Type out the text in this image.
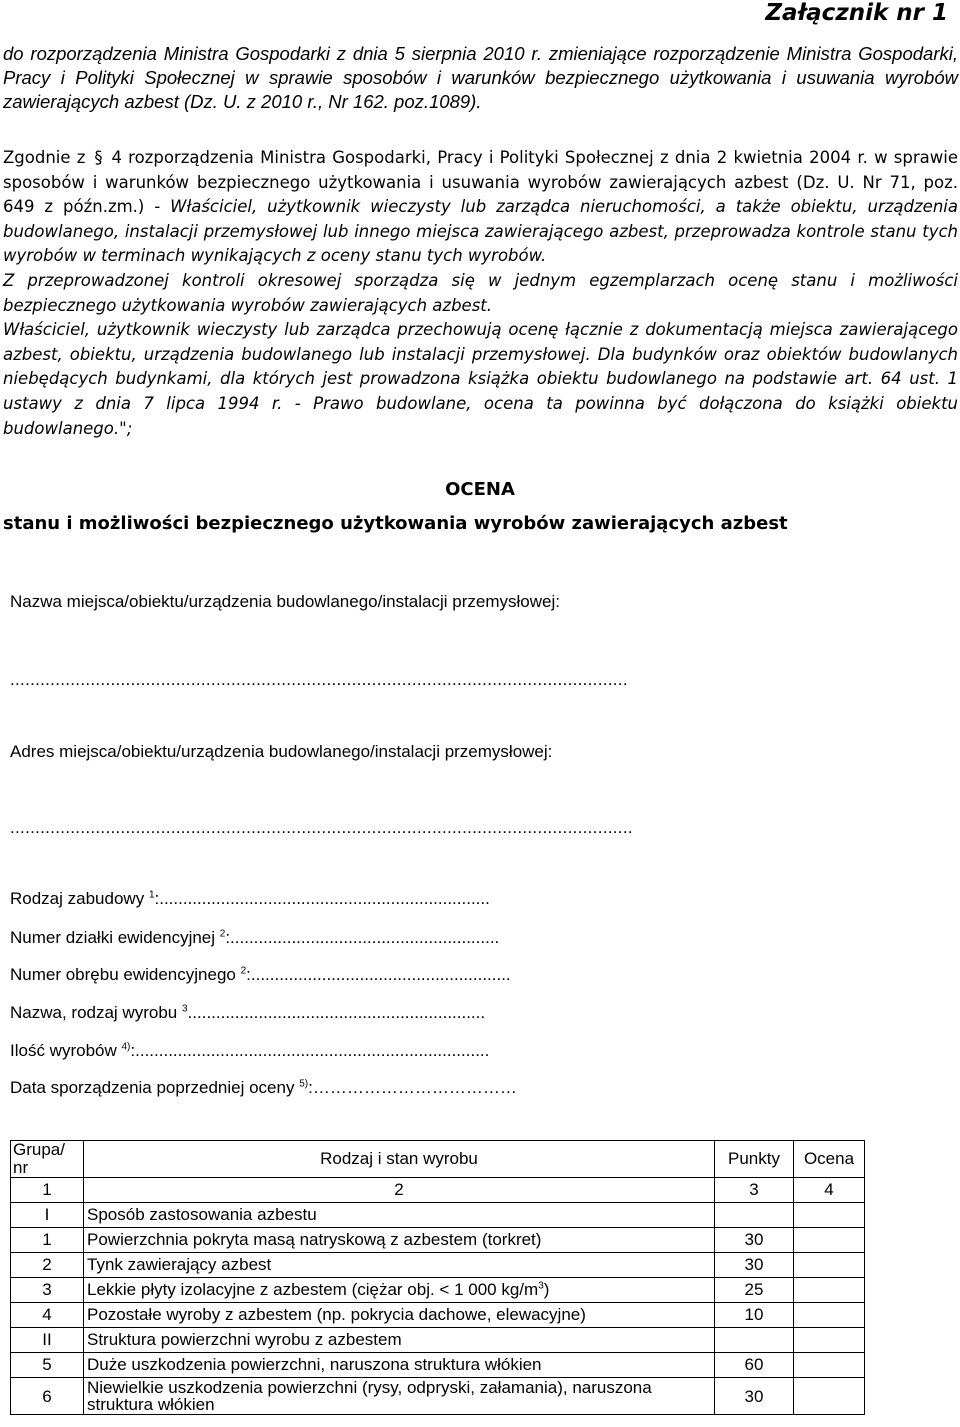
Załącznik nr 1

do rozporządzenia Ministra Gospodarki z dnia 5 sierpnia 2010 r. zmieniające rozporządzenie Ministra Gospodarki, Pracy i Polityki Społecznej w sprawie sposobów i warunków bezpiecznego użytkowania i usuwania wyrobów zawierających azbest (Dz. U. z 2010 r., Nr 162. poz.1089).

Zgodnie z § 4 rozporządzenia Ministra Gospodarki, Pracy i Polityki Społecznej z dnia 2 kwietnia 2004 r. w sprawie sposobów i warunków bezpiecznego użytkowania i usuwania wyrobów zawierających azbest (Dz. U. Nr 71, poz. 649 z późn.zm.) - Właściciel, użytkownik wieczysty lub zarządca nieruchomości, a także obiektu, urządzenia budowlanego, instalacji przemysłowej lub innego miejsca zawierającego azbest, przeprowadza kontrole stanu tych wyrobów w terminach wynikających z oceny stanu tych wyrobów.
Z przeprowadzonej kontroli okresowej sporządza się w jednym egzemplarzach ocenę stanu i możliwości bezpiecznego użytkowania wyrobów zawierających azbest.
Właściciel, użytkownik wieczysty lub zarządca przechowują ocenę łącznie z dokumentacją miejsca zawierającego azbest, obiektu, urządzenia budowlanego lub instalacji przemysłowej. Dla budynków oraz obiektów budowlanych niebędących budynkami, dla których jest prowadzona książka obiektu budowlanego na podstawie art. 64 ust. 1 ustawy z dnia 7 lipca 1994 r. - Prawo budowlane, ocena ta powinna być dołączona do książki obiektu budowlanego.";

OCENA
stanu i możliwości bezpiecznego użytkowania wyrobów zawierających azbest
Nazwa miejsca/obiektu/urządzenia budowlanego/instalacji przemysłowej:
...........................................................................................................................
Adres miejsca/obiektu/urządzenia budowlanego/instalacji przemysłowej:
............................................................................................................................
Rodzaj zabudowy $^1$:......................................................................
Numer działki ewidencyjnej $^2$:.........................................................
Numer obrębu ewidencyjnego $^2$:.......................................................
Nazwa, rodzaj wyrobu $^3$...............................................................
Ilość wyrobów $^{4)}$:...........................................................................
Data sporządzenia poprzedniej oceny $^{5)}$:………………………………
Grupa/ nr	Rodzaj i stan wyrobu	Punkty	Ocena
1	2	3	4
I	Sposób zastosowania azbestu		
1	Powierzchnia pokryta masą natryskową z azbestem (torkret)	30	
2	Tynk zawierający azbest	30	
3	Lekkie płyty izolacyjne z azbestem (ciężar obj. < 1 000 $kg/m^3$)	25	
4	Pozostałe wyroby z azbestem (np. pokrycia dachowe, elewacyjne)	10	
II	Struktura powierzchni wyrobu z azbestem		
5	Duże uszkodzenia powierzchni, naruszona struktura włókien	60	
6	Niewielkie uszkodzenia powierzchni (rysy, odpryski, załamania), naruszona struktura włókien	30	
